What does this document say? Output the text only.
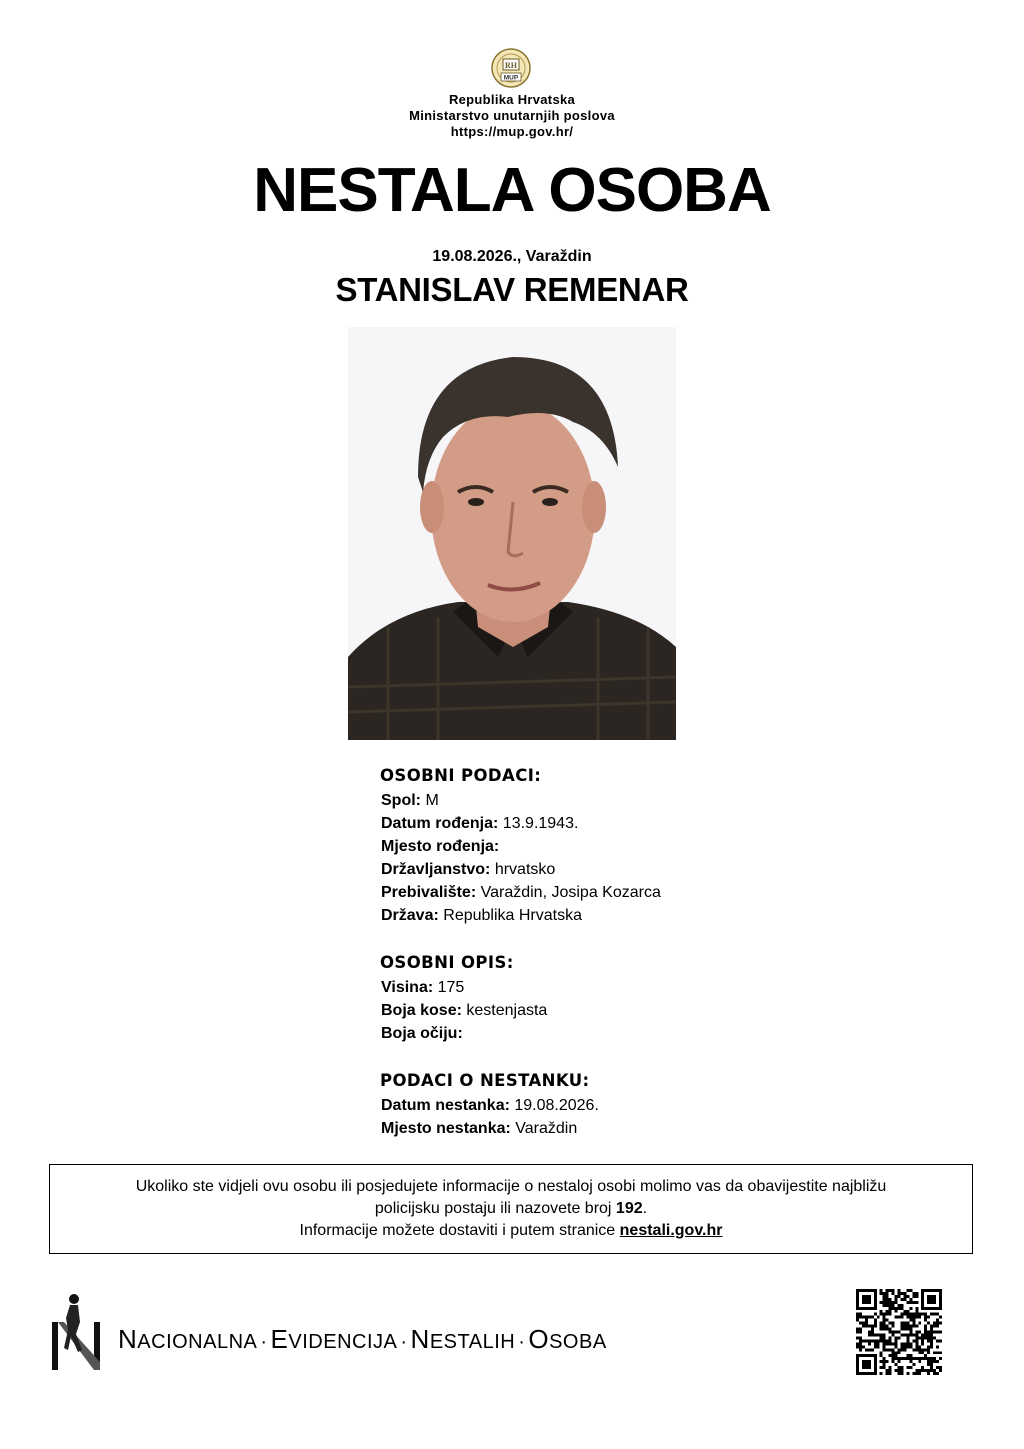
RH
MUP
Republika Hrvatska
Ministarstvo unutarnjih poslova
https://mup.gov.hr/
NESTALA OSOBA
19.08.2026., Varaždin
STANISLAV REMENAR
OSOBNI PODACI:
Spol: M
Datum rođenja: 13.9.1943.
Mjesto rođenja:
Državljanstvo: hrvatsko
Prebivalište: Varaždin, Josipa Kozarca
Država: Republika Hrvatska
OSOBNI OPIS:
Visina: 175
Boja kose: kestenjasta
Boja očiju:
PODACI O NESTANKU:
Datum nestanka: 19.08.2026.
Mjesto nestanka: Varaždin
Ukoliko ste vidjeli ovu osobu ili posjedujete informacije o nestaloj osobi molimo vas da obavijestite najbližu
policijsku postaju ili nazovete broj 192.
Informacije možete dostaviti i putem stranice nestali.gov.hr
NACIONALNA · EVIDENCIJA · NESTALIH · OSOBA
